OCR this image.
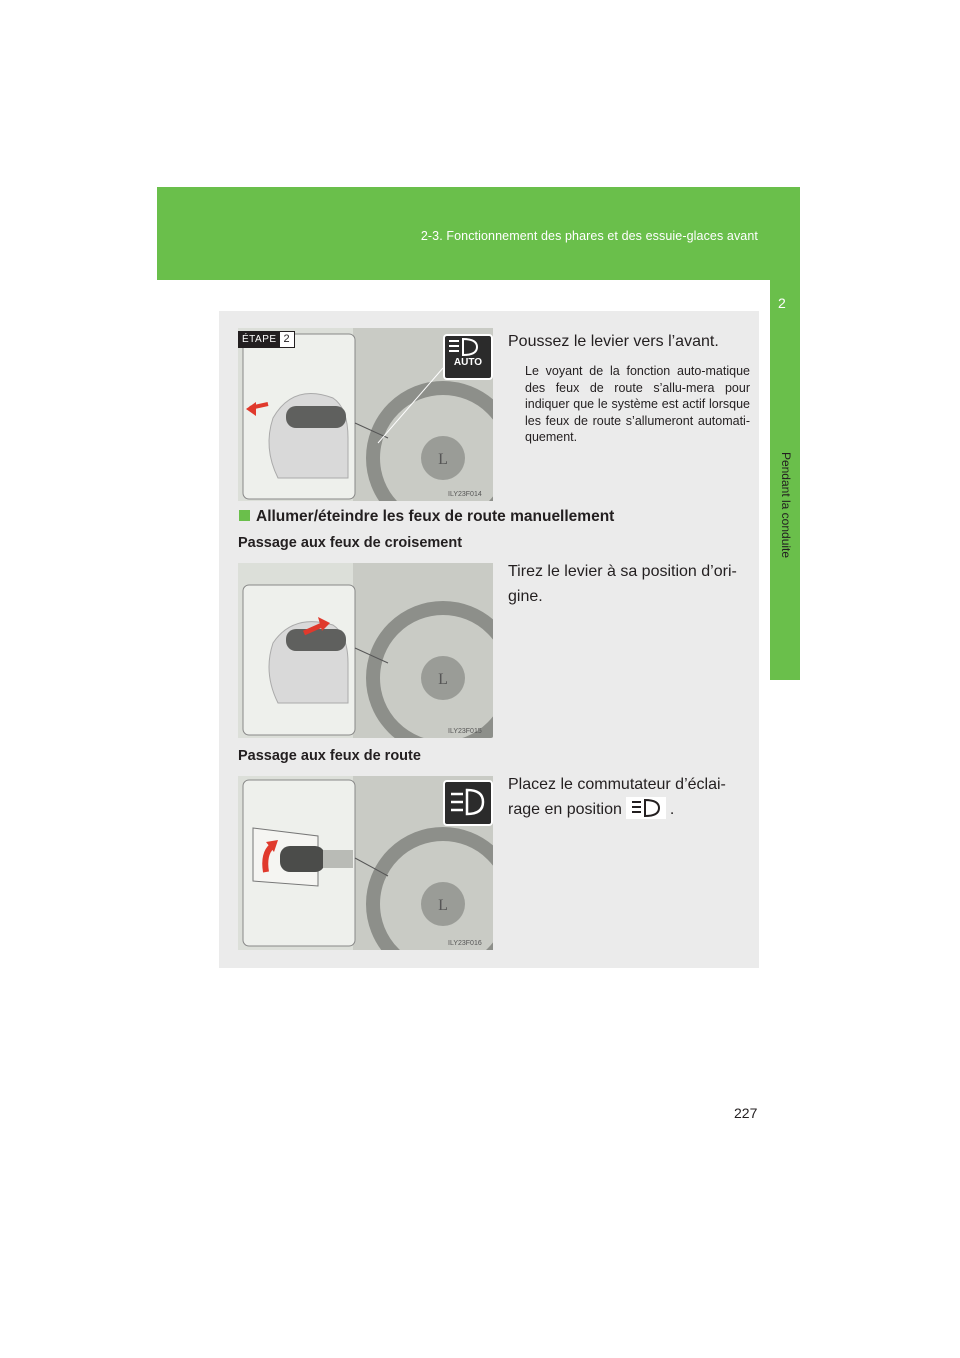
2-3. Fonctionnement des phares et des essuie-glaces avant
2
Pendant la conduite
L
AUTO
ILY23F014
ÉTAPE 2	Poussez le levier vers l’avant.
Le voyant de la fonction auto-matique des feux de route s’allu-mera pour indiquer que le système est actif lorsque les feux de route s’allumeront automati-quement.
Allumer/éteindre les feux de route manuellement
Passage aux feux de croisement
L
ILY23F015
Tirez le levier à sa position d’ori-gine.
Passage aux feux de route
L
ILY23F016
Placez le commutateur d’éclai-rage en position	.
227
